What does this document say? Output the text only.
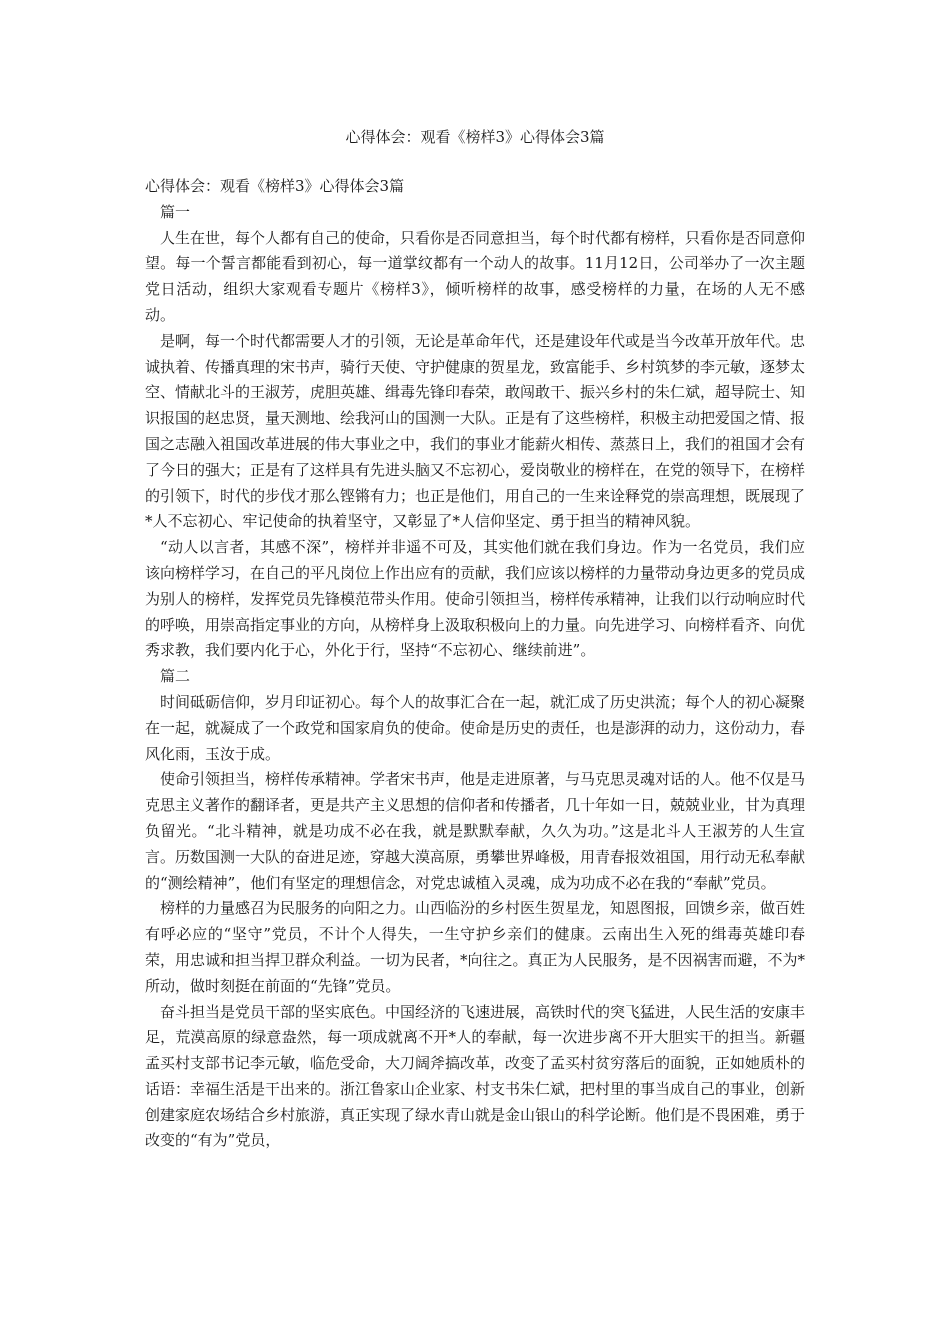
心得体会：观看《榜样3》心得体会3篇

心得体会：观看《榜样3》心得体会3篇

篇一

人生在世，每个人都有自己的使命，只看你是否同意担当，每个时代都有榜样，只看你是否同意仰望。每一个誓言都能看到初心，每一道掌纹都有一个动人的故事。11月12日，公司举办了一次主题党日活动，组织大家观看专题片《榜样3》，倾听榜样的故事，感受榜样的力量，在场的人无不感动。

是啊，每一个时代都需要人才的引领，无论是革命年代，还是建设年代或是当今改革开放年代。忠诚执着、传播真理的宋书声，骑行天使、守护健康的贺星龙，致富能手、乡村筑梦的李元敏，逐梦太空、情献北斗的王淑芳，虎胆英雄、缉毒先锋印春荣，敢闯敢干、振兴乡村的朱仁斌，超导院士、知识报国的赵忠贤，量天测地、绘我河山的国测一大队。正是有了这些榜样，积极主动把爱国之情、报国之志融入祖国改革进展的伟大事业之中，我们的事业才能薪火相传、蒸蒸日上，我们的祖国才会有了今日的强大；正是有了这样具有先进头脑又不忘初心，爱岗敬业的榜样在，在党的领导下，在榜样的引领下，时代的步伐才那么铿锵有力；也正是他们，用自己的一生来诠释党的崇高理想，既展现了*人不忘初心、牢记使命的执着坚守，又彰显了*人信仰坚定、勇于担当的精神风貌。

“动人以言者，其感不深”，榜样并非遥不可及，其实他们就在我们身边。作为一名党员，我们应该向榜样学习，在自己的平凡岗位上作出应有的贡献，我们应该以榜样的力量带动身边更多的党员成为别人的榜样，发挥党员先锋模范带头作用。使命引领担当，榜样传承精神，让我们以行动响应时代的呼唤，用崇高指定事业的方向，从榜样身上汲取积极向上的力量。向先进学习、向榜样看齐、向优秀求教，我们要内化于心，外化于行，坚持“不忘初心、继续前进”。

篇二

时间砥砺信仰，岁月印证初心。每个人的故事汇合在一起，就汇成了历史洪流；每个人的初心凝聚在一起，就凝成了一个政党和国家肩负的使命。使命是历史的责任，也是澎湃的动力，这份动力，春风化雨，玉汝于成。

使命引领担当，榜样传承精神。学者宋书声，他是走进原著，与马克思灵魂对话的人。他不仅是马克思主义著作的翻译者，更是共产主义思想的信仰者和传播者，几十年如一日，兢兢业业，甘为真理负留光。“北斗精神，就是功成不必在我，就是默默奉献，久久为功。”这是北斗人王淑芳的人生宣言。历数国测一大队的奋进足迹，穿越大漠高原，勇攀世界峰极，用青春报效祖国，用行动无私奉献的“测绘精神”，他们有坚定的理想信念，对党忠诚植入灵魂，成为功成不必在我的“奉献”党员。

榜样的力量感召为民服务的向阳之力。山西临汾的乡村医生贺星龙，知恩图报，回馈乡亲，做百姓有呼必应的“坚守”党员，不计个人得失，一生守护乡亲们的健康。云南出生入死的缉毒英雄印春荣，用忠诚和担当捍卫群众利益。一切为民者，*向往之。真正为人民服务，是不因祸害而避，不为*所动，做时刻挺在前面的“先锋”党员。

奋斗担当是党员干部的坚实底色。中国经济的飞速进展，高铁时代的突飞猛进，人民生活的安康丰足，荒漠高原的绿意盎然，每一项成就离不开*人的奉献，每一次进步离不开大胆实干的担当。新疆孟买村支部书记李元敏，临危受命，大刀阔斧搞改革，改变了孟买村贫穷落后的面貌，正如她质朴的话语：幸福生活是干出来的。浙江鲁家山企业家、村支书朱仁斌，把村里的事当成自己的事业，创新创建家庭农场结合乡村旅游，真正实现了绿水青山就是金山银山的科学论断。他们是不畏困难，勇于改变的“有为”党员，
